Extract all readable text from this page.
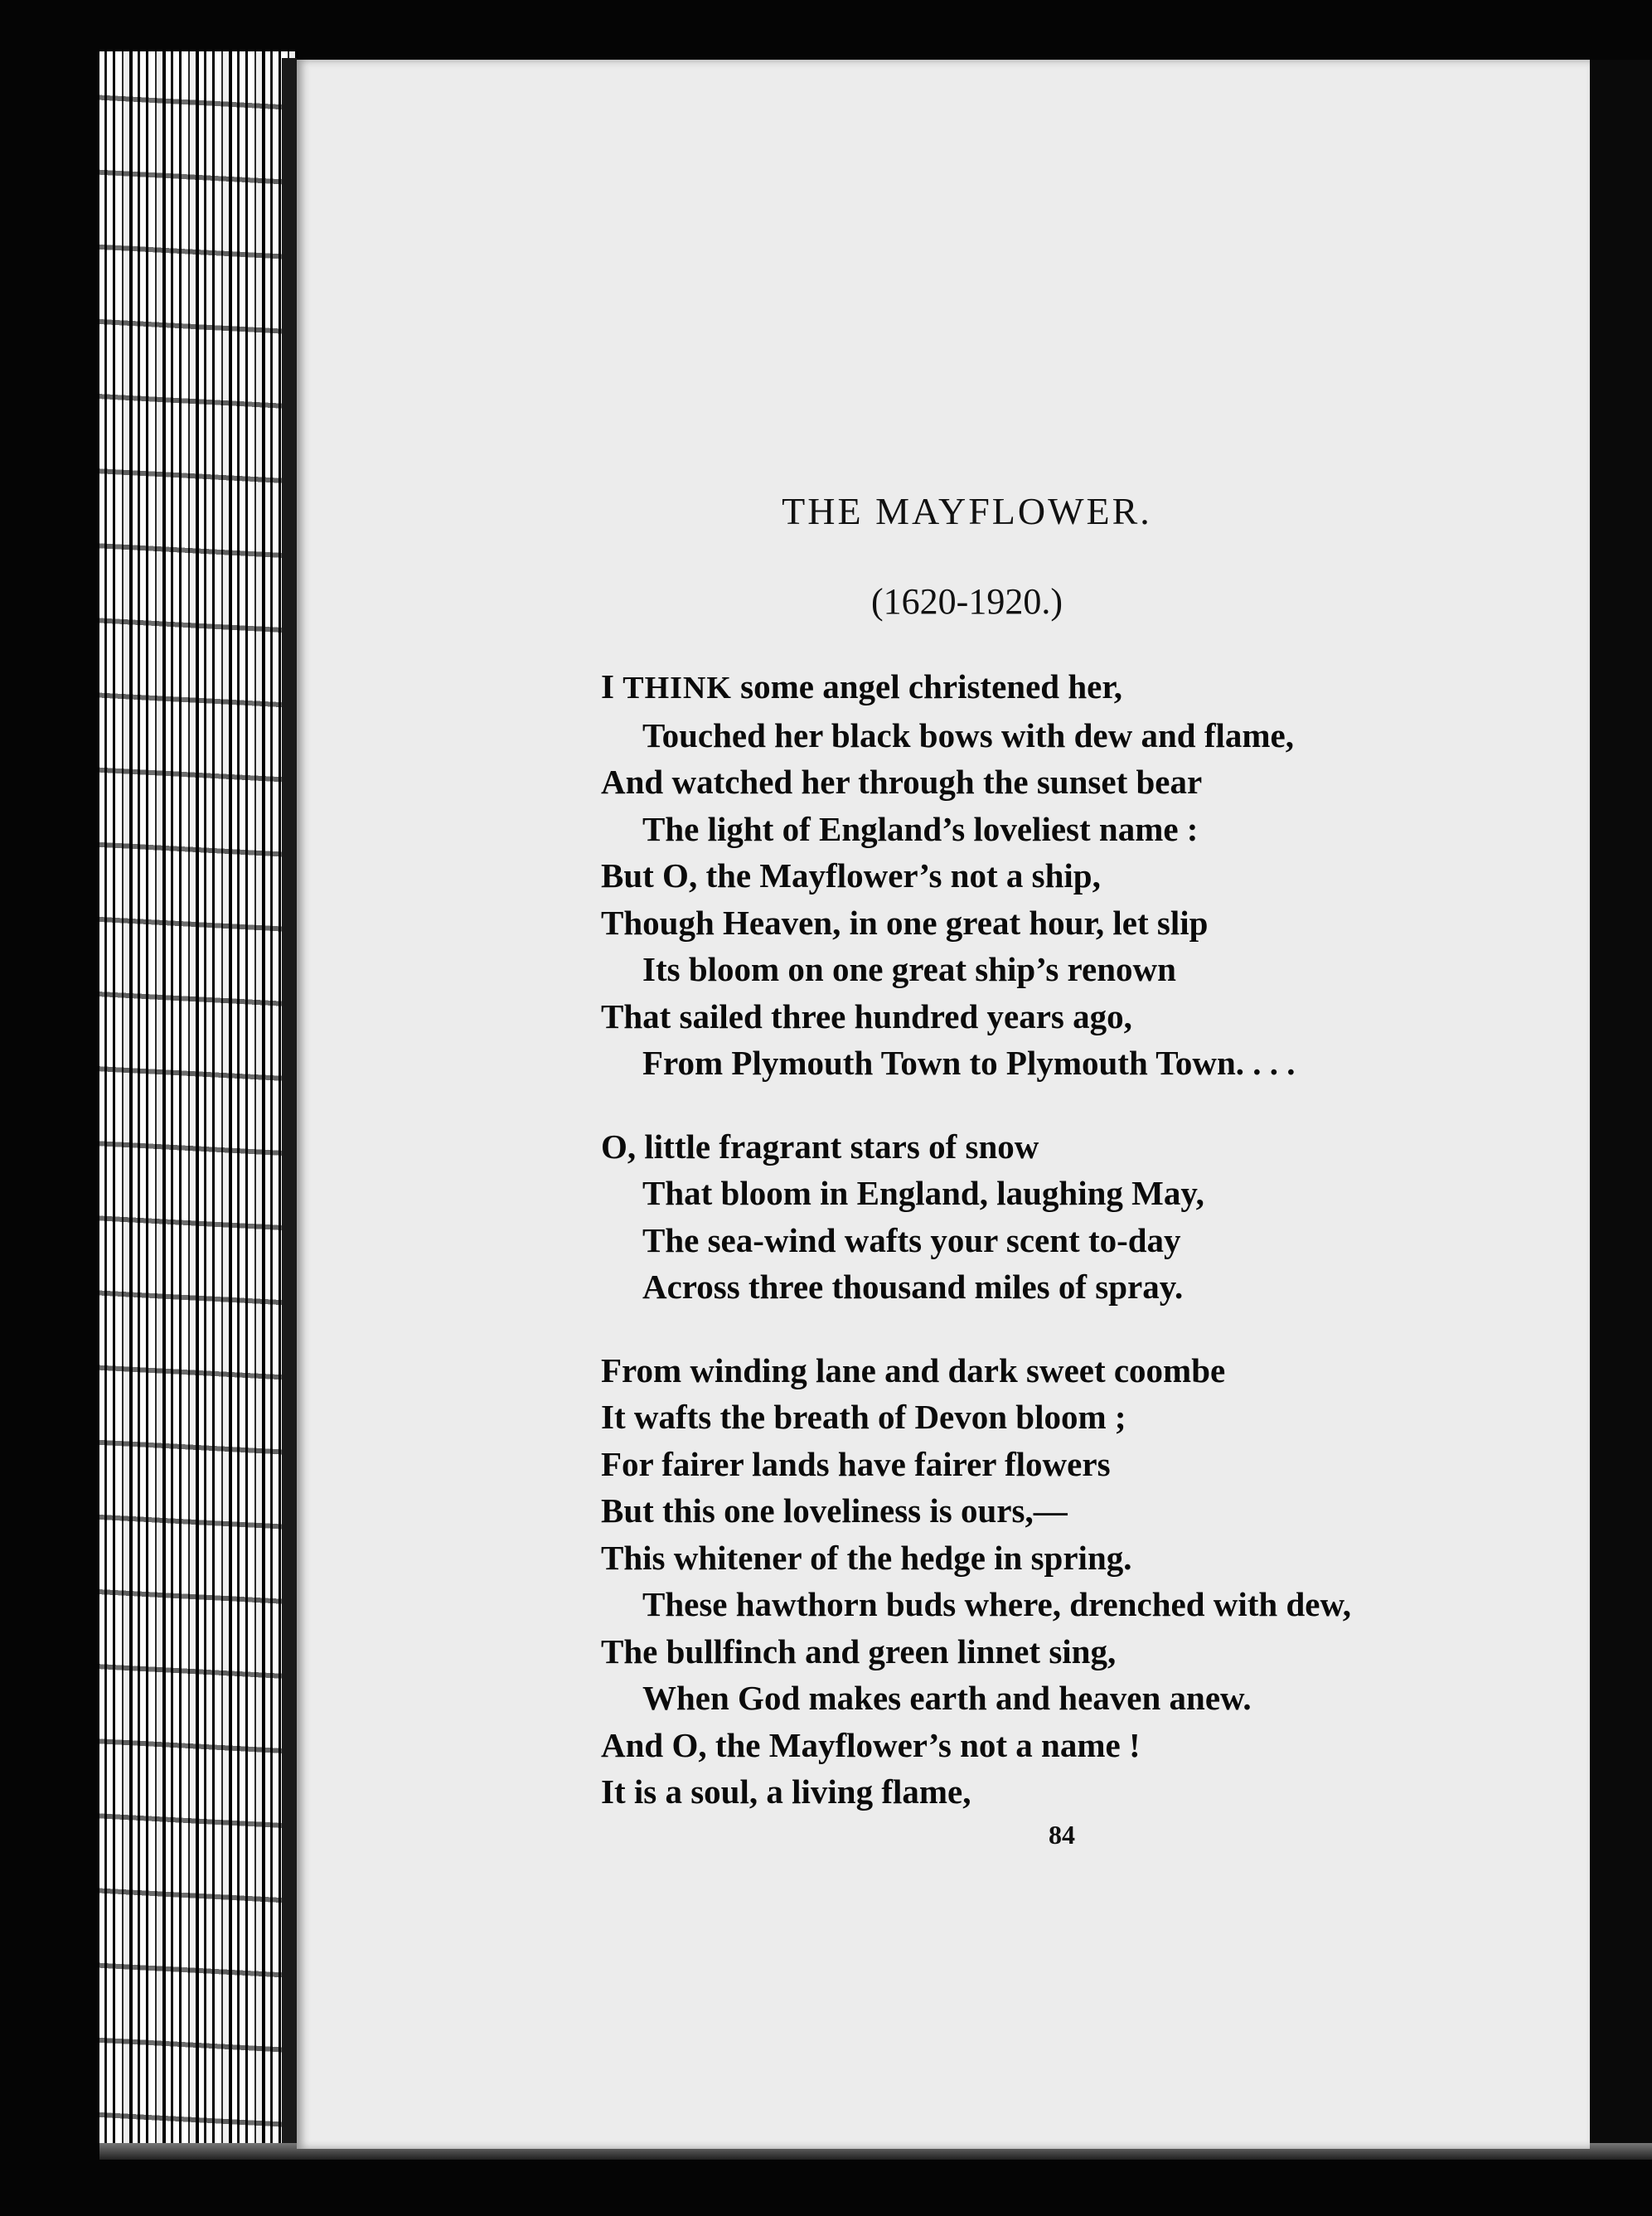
THE MAYFLOWER.
(1620-1920.)
I THINK some angel christened her,
Touched her black bows with dew and flame,
And watched her through the sunset bear
The light of England’s loveliest name :
But O, the Mayflower’s not a ship,
Though Heaven, in one great hour, let slip
Its bloom on one great ship’s renown
That sailed three hundred years ago,
From Plymouth Town to Plymouth Town. . . .
O, little fragrant stars of snow
That bloom in England, laughing May,
The sea-wind wafts your scent to-day
Across three thousand miles of spray.
From winding lane and dark sweet coombe
It wafts the breath of Devon bloom ;
For fairer lands have fairer flowers
But this one loveliness is ours,—
This whitener of the hedge in spring.
These hawthorn buds where, drenched with dew,
The bullfinch and green linnet sing,
When God makes earth and heaven anew.
And O, the Mayflower’s not a name !
It is a soul, a living flame,
84
